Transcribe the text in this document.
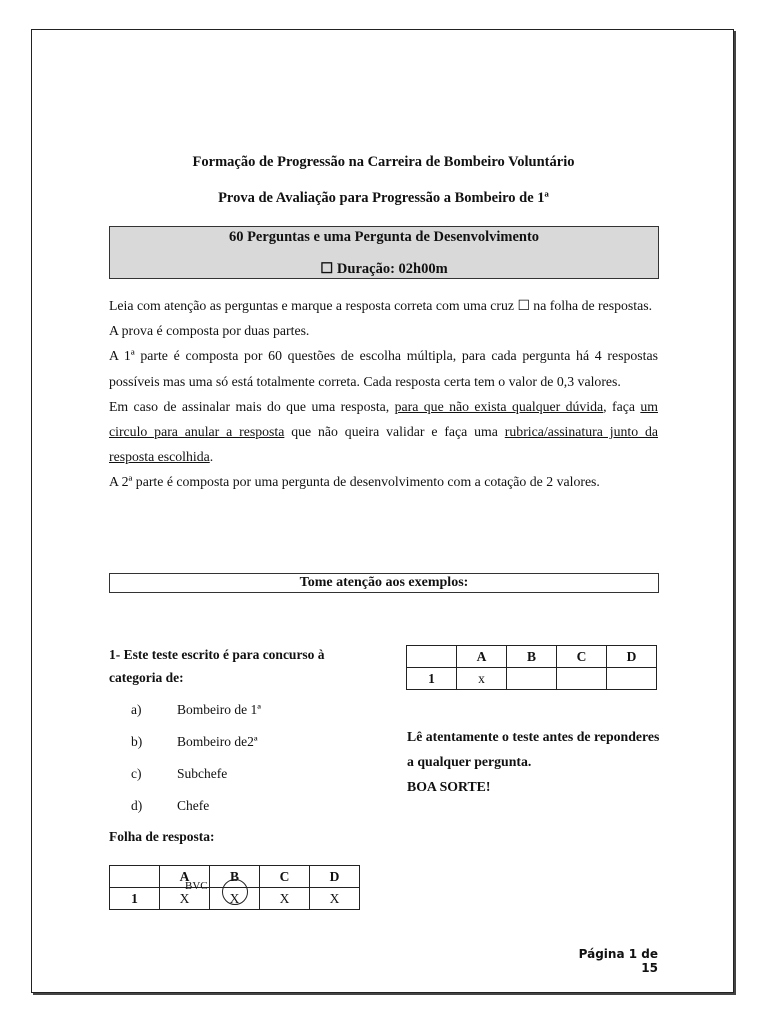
Formação de Progressão na Carreira de Bombeiro Voluntário
Prova de Avaliação para Progressão a Bombeiro de 1ª
60 Perguntas e uma Pergunta de Desenvolvimento
☐ Duração: 02h00m

Leia com atenção as perguntas e marque a resposta correta com uma cruz ☐ na folha de respostas.

A prova é composta por duas partes.

A 1ª parte é composta por 60 questões de escolha múltipla, para cada pergunta há 4 respostas possíveis mas uma só está totalmente correta. Cada resposta certa tem o valor de 0,3 valores.

Em caso de assinalar mais do que uma resposta, para que não exista qualquer dúvida, faça um circulo para anular a resposta que não queira validar e faça uma rubrica/assinatura junto da resposta escolhida.

A 2ª parte é composta por uma pergunta de desenvolvimento com a cotação de 2 valores.

Tome atenção aos exemplos:
1- Este teste escrito é para concurso à categoria de:
a)	Bombeiro de 1ª
b)	Bombeiro de2ª
c)	Subchefe
d)	Chefe
	A	B	C	D
1	x			
Lê atentamente o teste antes de reponderes a qualquer pergunta.
BOA SORTE!
Folha de resposta:
	A	B	C	D
1	X	X	X	X
BVC
Página 1 de 15
